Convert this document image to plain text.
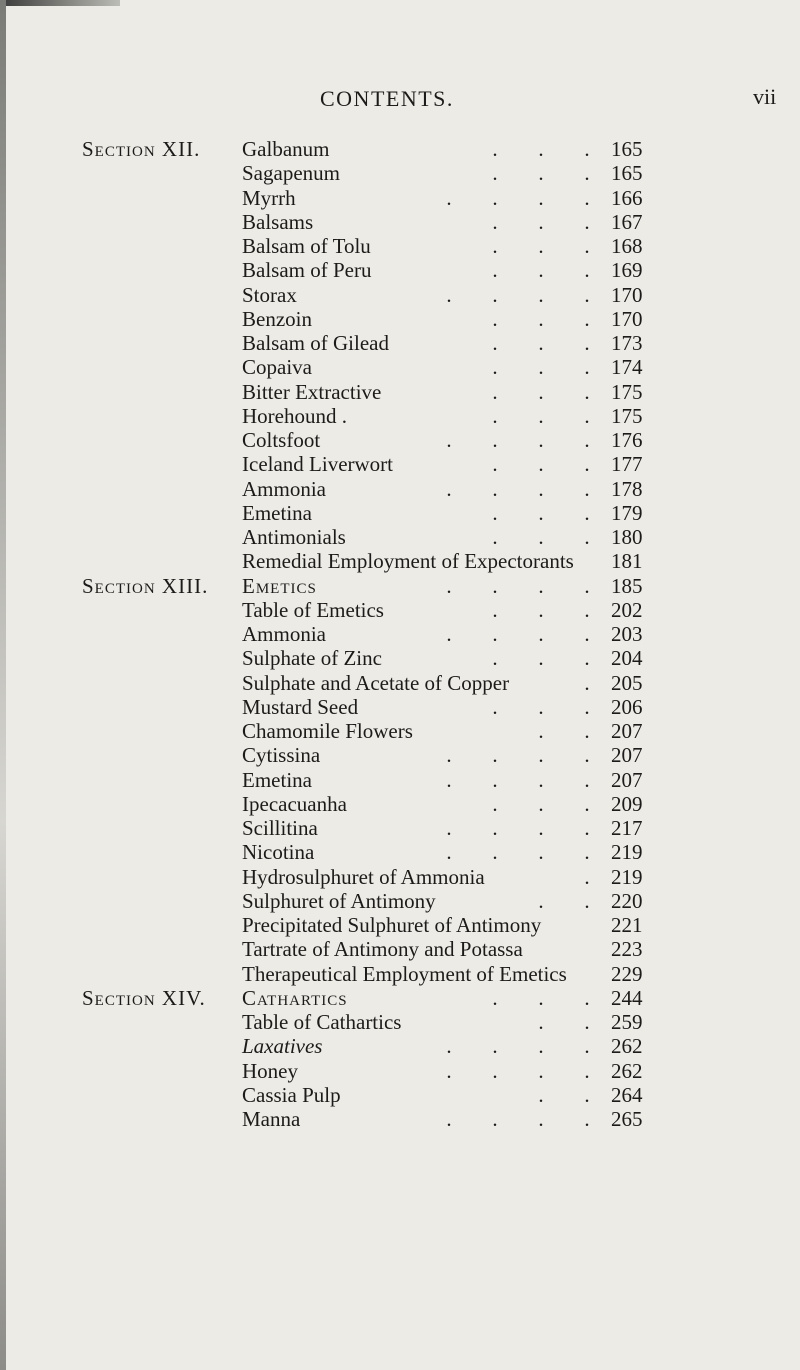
CONTENTS.	vii
Section XII. Galbanum	. . .	165
Sagapenum	. . .	165
Myrrh	. . . .	166
Balsams	. . .	167
Balsam of Tolu	. . .	168
Balsam of Peru	. . .	169
Storax	. . . .	170
Benzoin	. . .	170
Balsam of Gilead	. . .	173
Copaiva	. . .	174
Bitter Extractive	. . .	175
Horehound .	. . .	175
Coltsfoot	. . . .	176
Iceland Liverwort	. . .	177
Ammonia	. . . .	178
Emetina	. . .	179
Antimonials	. . .	180
Remedial Employment of Expectorants 181
Section XIII. Emetics	. . . .	185
Table of Emetics	. . .	202
Ammonia	. . . .	203
Sulphate of Zinc	. . .	204
Sulphate and Acetate of Copper	.	205
Mustard Seed	. . .	206
Chamomile Flowers	. .	207
Cytissina	. . . .	207
Emetina	. . . .	207
Ipecacuanha	. . .	209
Scillitina	. . . .	217
Nicotina	. . . .	219
Hydrosulphuret of Ammonia	.	219
Sulphuret of Antimony	. .	220
Precipitated Sulphuret of Antimony	221
Tartrate of Antimony and Potassa	223
Therapeutical Employment of Emetics 229
Section XIV. Cathartics	. . .	244
Table of Cathartics	. .	259
Laxatives	. . . .	262
Honey	. . . .	262
Cassia Pulp	. .	264
Manna	. . . .	265
